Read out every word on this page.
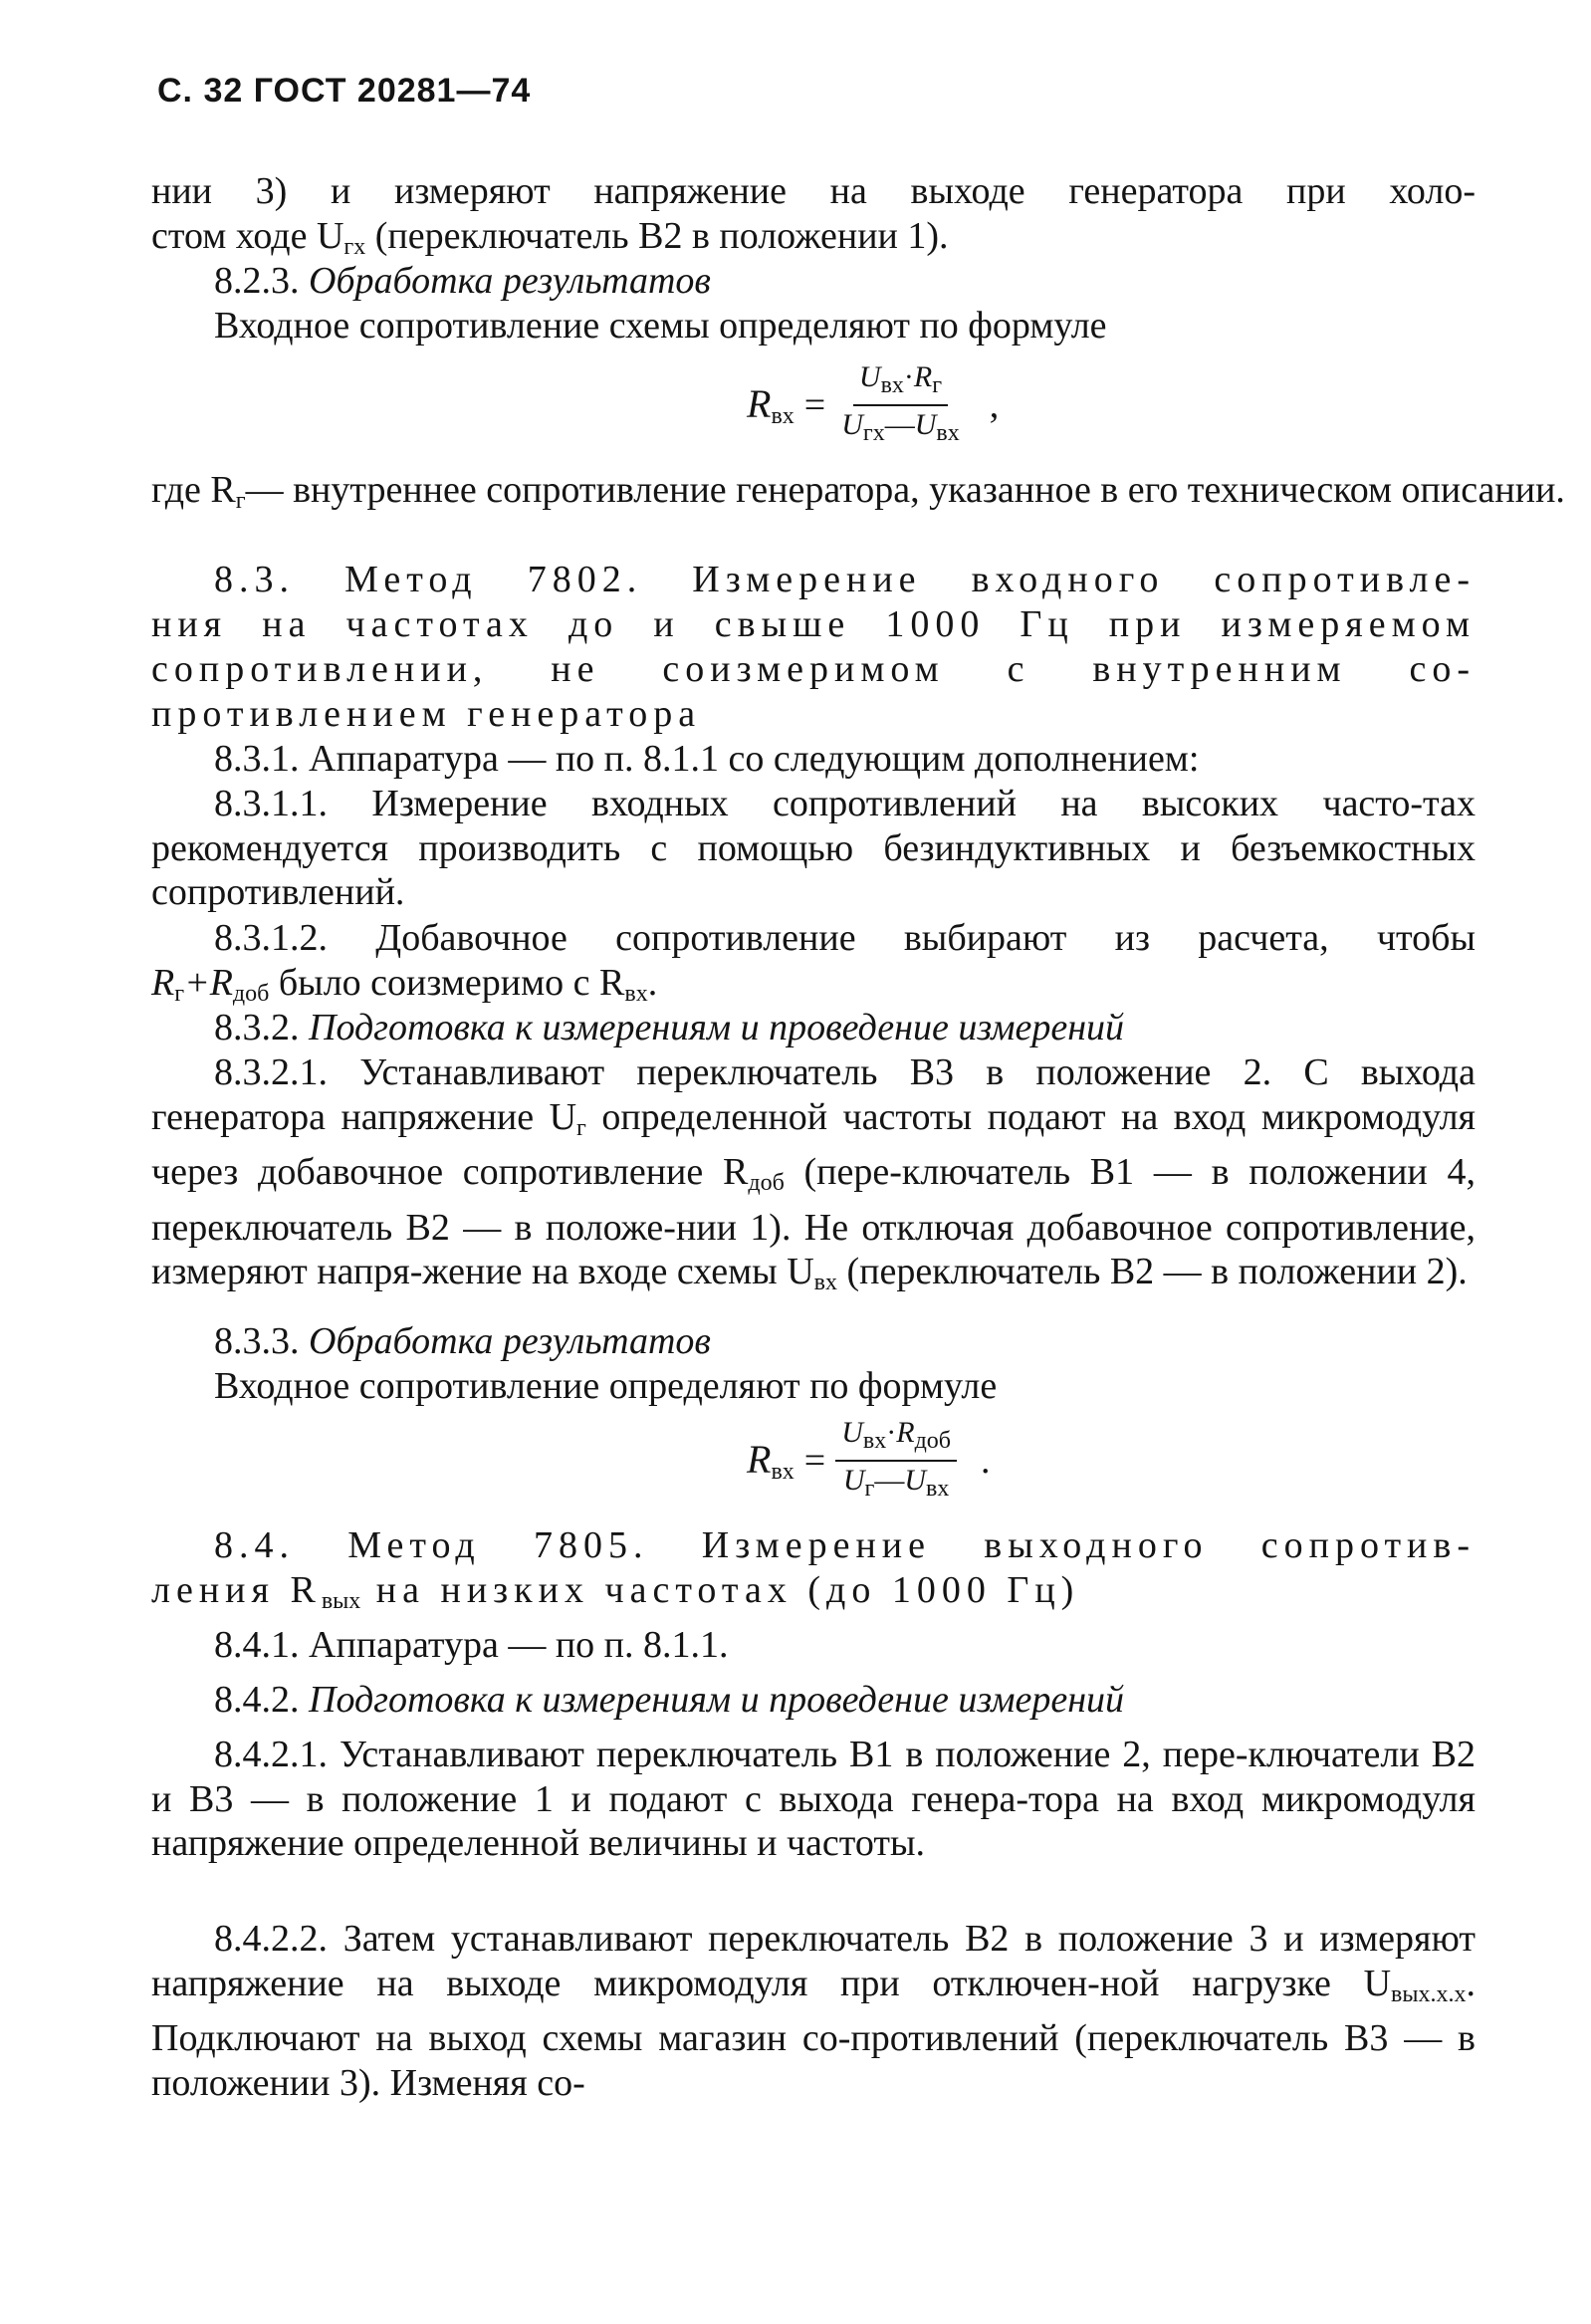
С. 32 ГОСТ 20281—74
нии 3) и измеряют напряжение на выходе генератора при холо-
стом ходе $U_{гх}$ (переключатель В2 в положении 1).
8.2.3. Обработка результатов
Входное сопротивление схемы определяют по формуле
$R_{вх} = \frac{U_{вх}\cdot R_г}{U_{гх}—U_{вх}}$ ,
где $R_г—$ внутреннее сопротивление генератора, указанное в его техническом описании.
8.3. Метод 7802. Измерение входного сопротивле-
ния на частотах до и свыше 1000 Гц при измеряемом
сопротивлении, не соизмеримом с внутренним со-
противлением генератора
8.3.1. Аппаратура — по п. 8.1.1 со следующим дополнением:
8.3.1.1. Измерение входных сопротивлений на высоких часто-тах рекомендуется производить с помощью безиндуктивных и безъемкостных сопротивлений.
8.3.1.2. Добавочное сопротивление выбирают из расчета, чтобы
$R_г+R_{доб}$ было соизмеримо с $R_{вх}$.
8.3.2. Подготовка к измерениям и проведение измерений
8.3.2.1. Устанавливают переключатель В3 в положение 2. С выхода генератора напряжение $U_г$ определенной частоты подают на вход микромодуля через добавочное сопротивление $R_{доб}$ (пере-ключатель В1 — в положении 4, переключатель В2 — в положе-нии 1). Не отключая добавочное сопротивление, измеряют напря-жение на входе схемы $U_{вх}$ (переключатель В2 — в положении 2).
8.3.3. Обработка результатов
Входное сопротивление определяют по формуле
$R_{вх} = \frac{U_{вх}\cdot R_{доб}}{U_г—U_{вх}}$ .
8.4. Метод 7805. Измерение выходного сопротив-
ления $R_{вых}$ на низких частотах (до 1000 Гц)
8.4.1. Аппаратура — по п. 8.1.1.
8.4.2. Подготовка к измерениям и проведение измерений
8.4.2.1. Устанавливают переключатель В1 в положение 2, пере-ключатели В2 и В3 — в положение 1 и подают с выхода генера-тора на вход микромодуля напряжение определенной величины и частоты.
8.4.2.2. Затем устанавливают переключатель В2 в положение 3 и измеряют напряжение на выходе микромодуля при отключен-ной нагрузке $U_{вых.х.х}$. Подключают на выход схемы магазин со-противлений (переключатель В3 — в положении 3). Изменяя со-
